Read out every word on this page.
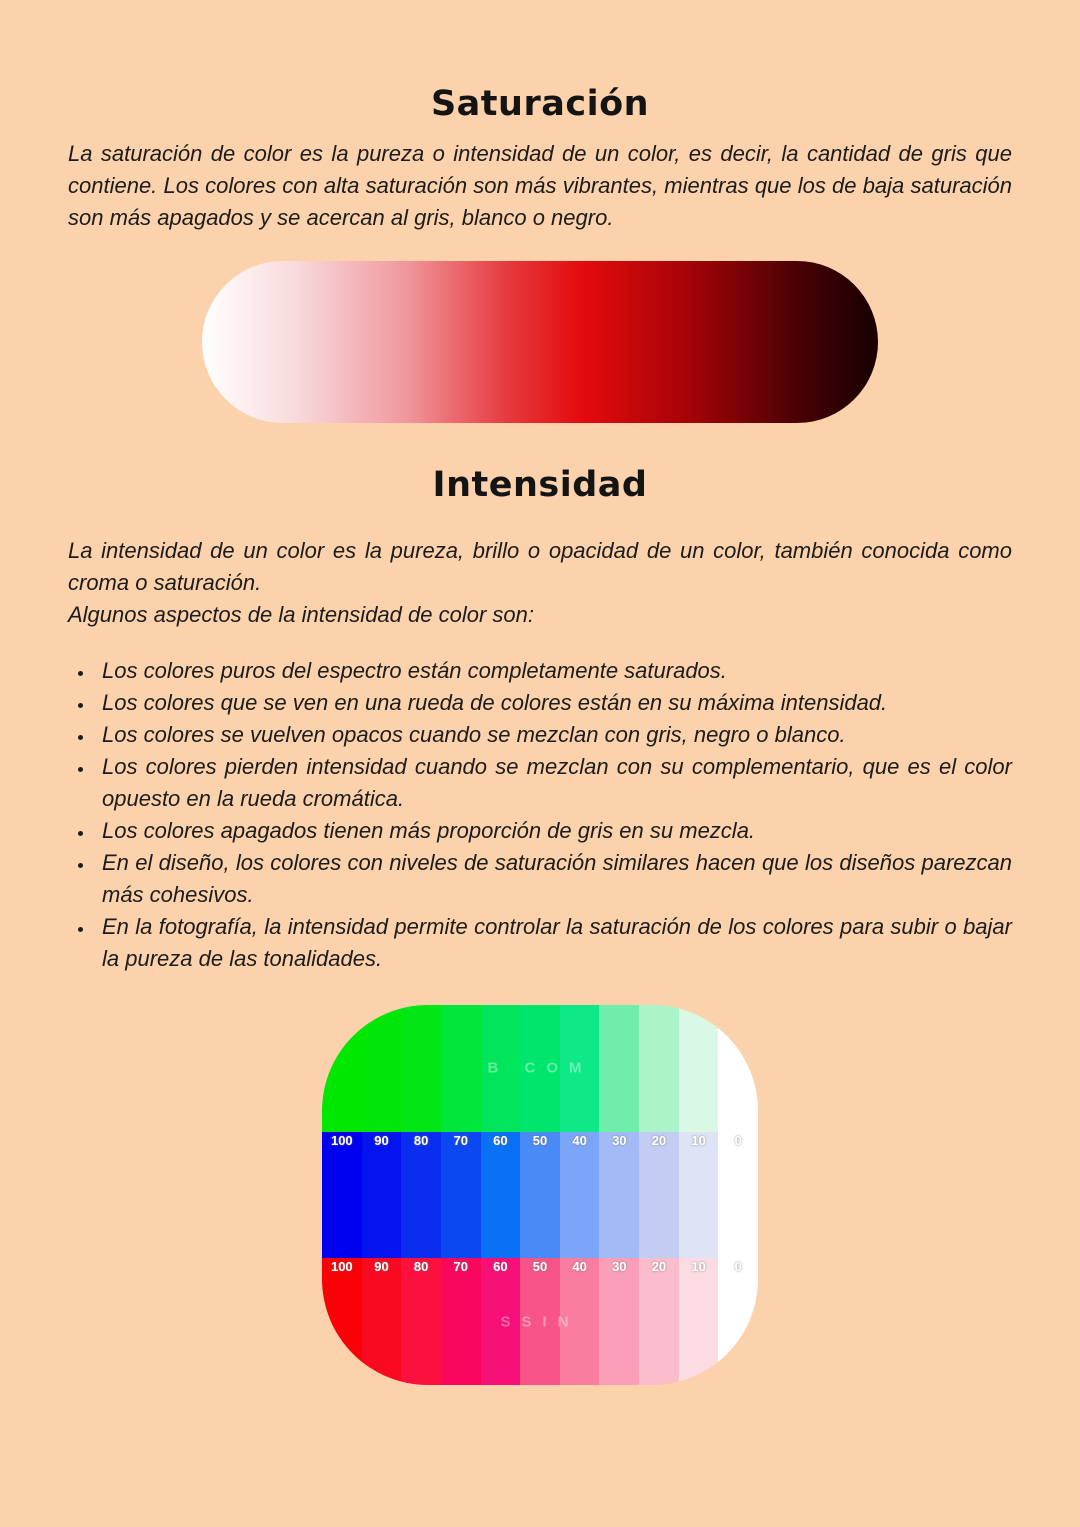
Saturación

La saturación de color es la pureza o intensidad de un color, es decir, la cantidad de gris que contiene. Los colores con alta saturación son más vibrantes, mientras que los de baja saturación son más apagados y se acercan al gris, blanco o negro.

Intensidad

La intensidad de un color es la pureza, brillo o opacidad de un color, también conocida como croma o saturación.

Algunos aspectos de la intensidad de color son:

• Los colores puros del espectro están completamente saturados.
• Los colores que se ven en una rueda de colores están en su máxima intensidad.
• Los colores se vuelven opacos cuando se mezclan con gris, negro o blanco.
• Los colores pierden intensidad cuando se mezclan con su complementario, que es el color opuesto en la rueda cromática.
• Los colores apagados tienen más proporción de gris en su mezcla.
• En el diseño, los colores con niveles de saturación similares hacen que los diseños parezcan más cohesivos.
• En la fotografía, la intensidad permite controlar la saturación de los colores para subir o bajar la pureza de las tonalidades.
B COM
100	90	80	70	60	50	40	30	20	10	0
SSIN
100	90	80	70	60	50	40	30	20	10	0
